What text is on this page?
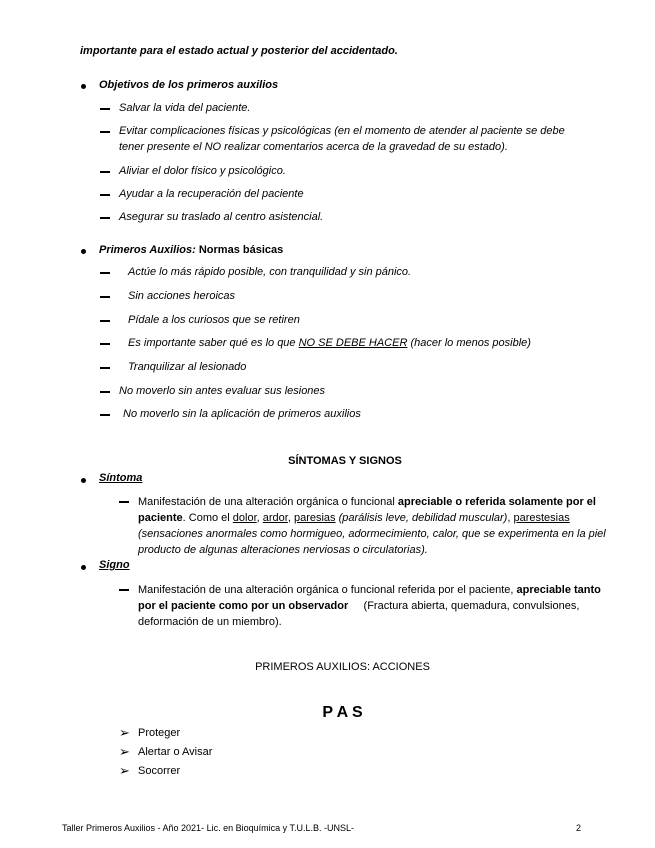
importante para el estado actual y posterior del accidentado.
Objetivos de los primeros auxilios
Salvar la vida del paciente.
Evitar complicaciones físicas y psicológicas (en el momento de atender al paciente se debe
tener presente el NO realizar comentarios acerca de la gravedad de su estado).
Aliviar el dolor físico y psicológico.
Ayudar a la recuperación del paciente
Asegurar su traslado al centro asistencial.
Primeros Auxilios: Normas básicas
Actúe lo más rápido posible, con tranquilidad y sin pánico.
Sin acciones heroicas
Pídale a los curiosos que se retiren
Es importante saber qué es lo que NO SE DEBE HACER (hacer lo menos posible)
Tranquilizar al lesionado
No moverlo sin antes evaluar sus lesiones
No moverlo sin la aplicación de primeros auxilios
SÍNTOMAS Y SIGNOS
Síntoma
Manifestación de una alteración orgánica o funcional apreciable o referida solamente por el paciente. Como el dolor, ardor, paresias (parálisis leve, debilidad muscular), parestesias
(sensaciones anormales como hormigueo, adormecimiento, calor, que se experimenta en la piel producto de algunas alteraciones nerviosas o circulatorias).
Signo
Manifestación de una alteración orgánica o funcional referida por el paciente, apreciable tanto por el paciente como por un observador (Fractura abierta, quemadura, convulsiones, deformación de un miembro).
PRIMEROS AUXILIOS: ACCIONES
P A S
➢ Proteger
➢ Alertar o Avisar
➢ Socorrer
Taller Primeros Auxilios - Año 2021- Lic. en Bioquímica y T.U.L.B. -UNSL-	2
